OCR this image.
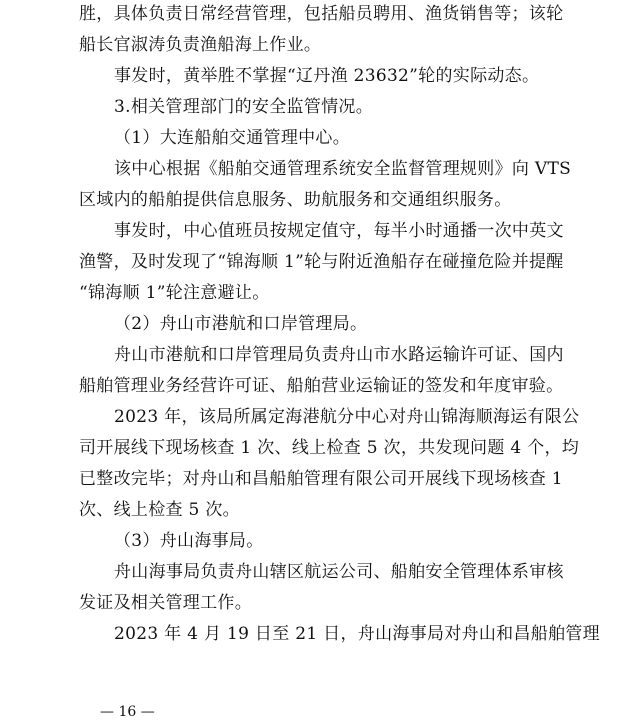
胜，具体负责日常经营管理，包括船员聘用、渔货销售等；该轮
船长官淑涛负责渔船海上作业。
事发时，黄举胜不掌握“辽丹渔 23632”轮的实际动态。
3.相关管理部门的安全监管情况。
（1）大连船舶交通管理中心。
该中心根据《船舶交通管理系统安全监督管理规则》向 VTS
区域内的船舶提供信息服务、助航服务和交通组织服务。
事发时，中心值班员按规定值守，每半小时通播一次中英文
渔警，及时发现了“锦海顺 1”轮与附近渔船存在碰撞危险并提醒
“锦海顺 1”轮注意避让。
（2）舟山市港航和口岸管理局。
舟山市港航和口岸管理局负责舟山市水路运输许可证、国内
船舶管理业务经营许可证、船舶营业运输证的签发和年度审验。
2023 年，该局所属定海港航分中心对舟山锦海顺海运有限公
司开展线下现场核查 1 次、线上检查 5 次，共发现问题 4 个，均
已整改完毕；对舟山和昌船舶管理有限公司开展线下现场核查 1
次、线上检查 5 次。
（3）舟山海事局。
舟山海事局负责舟山辖区航运公司、船舶安全管理体系审核
发证及相关管理工作。
2023 年 4 月 19 日至 21 日，舟山海事局对舟山和昌船舶管理
— 16 —
